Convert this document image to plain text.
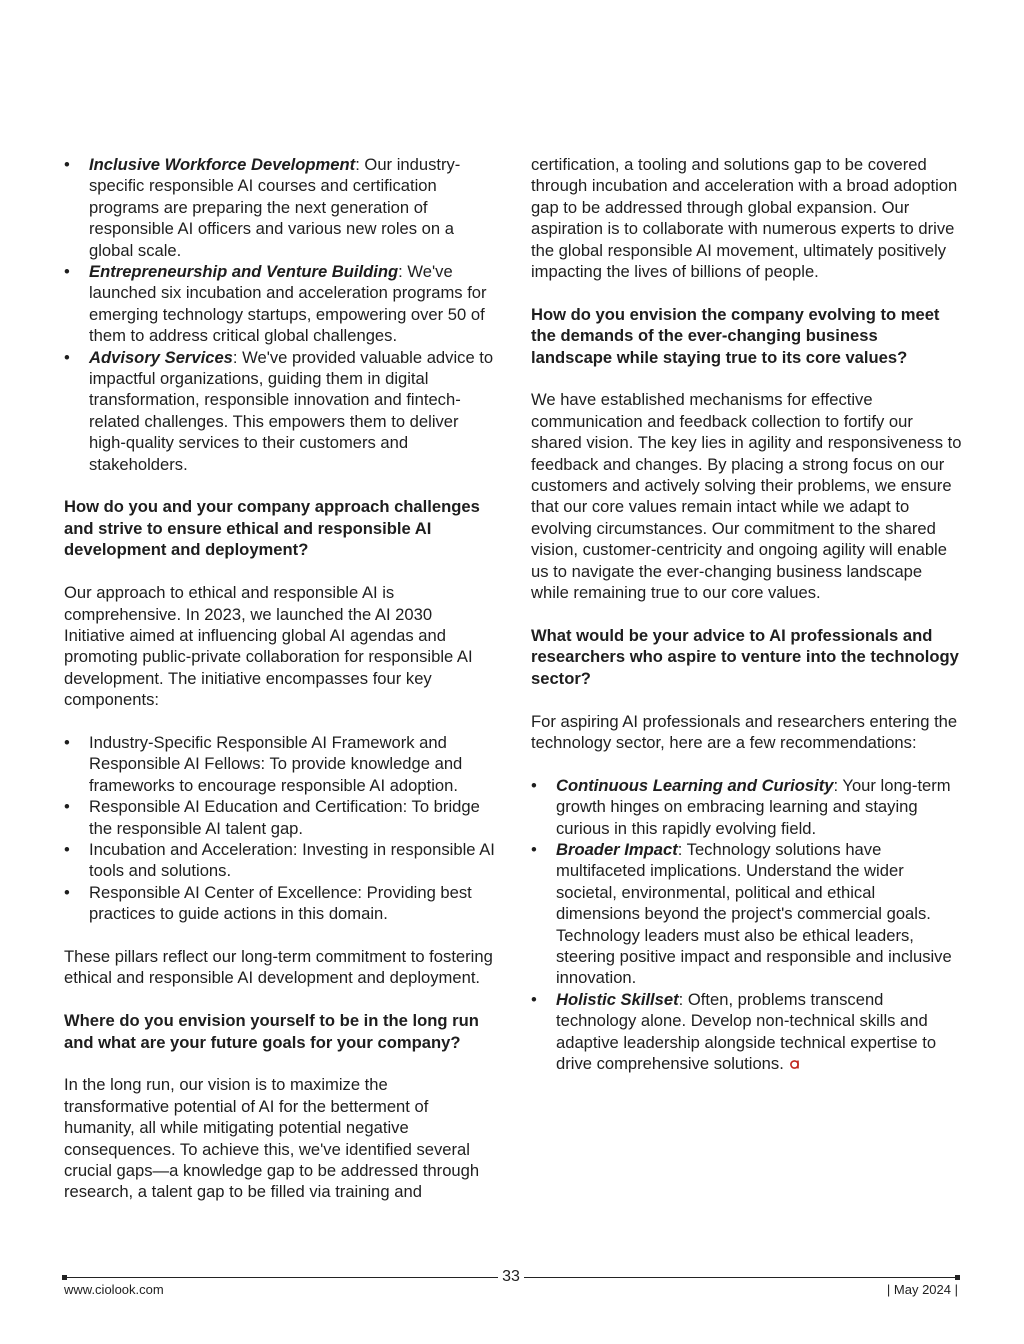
• Inclusive Workforce Development: Our industry-specific responsible AI courses and certification programs are preparing the next generation of responsible AI officers and various new roles on a global scale.
• Entrepreneurship and Venture Building: We've launched six incubation and acceleration programs for emerging technology startups, empowering over 50 of them to address critical global challenges.
• Advisory Services: We've provided valuable advice to impactful organizations, guiding them in digital transformation, responsible innovation and fintech-related challenges. This empowers them to deliver high-quality services to their customers and stakeholders.

How do you and your company approach challenges and strive to ensure ethical and responsible AI development and deployment?

Our approach to ethical and responsible AI is comprehensive. In 2023, we launched the AI 2030 Initiative aimed at influencing global AI agendas and promoting public-private collaboration for responsible AI development. The initiative encompasses four key components:

• Industry-Specific Responsible AI Framework and Responsible AI Fellows: To provide knowledge and frameworks to encourage responsible AI adoption.
• Responsible AI Education and Certification: To bridge the responsible AI talent gap.
• Incubation and Acceleration: Investing in responsible AI tools and solutions.
• Responsible AI Center of Excellence: Providing best practices to guide actions in this domain.

These pillars reflect our long-term commitment to fostering ethical and responsible AI development and deployment.

Where do you envision yourself to be in the long run and what are your future goals for your company?

In the long run, our vision is to maximize the transformative potential of AI for the betterment of humanity, all while mitigating potential negative consequences. To achieve this, we've identified several crucial gaps—a knowledge gap to be addressed through research, a talent gap to be filled via training and

certification, a tooling and solutions gap to be covered through incubation and acceleration with a broad adoption gap to be addressed through global expansion. Our aspiration is to collaborate with numerous experts to drive the global responsible AI movement, ultimately positively impacting the lives of billions of people.

How do you envision the company evolving to meet the demands of the ever-changing business landscape while staying true to its core values?

We have established mechanisms for effective communication and feedback collection to fortify our shared vision. The key lies in agility and responsiveness to feedback and changes. By placing a strong focus on our customers and actively solving their problems, we ensure that our core values remain intact while we adapt to evolving circumstances. Our commitment to the shared vision, customer-centricity and ongoing agility will enable us to navigate the ever-changing business landscape while remaining true to our core values.

What would be your advice to AI professionals and researchers who aspire to venture into the technology sector?

For aspiring AI professionals and researchers entering the technology sector, here are a few recommendations:

• Continuous Learning and Curiosity: Your long-term growth hinges on embracing learning and staying curious in this rapidly evolving field.
• Broader Impact: Technology solutions have multifaceted implications. Understand the wider societal, environmental, political and ethical dimensions beyond the project's commercial goals. Technology leaders must also be ethical leaders, steering positive impact and responsible and inclusive innovation.
• Holistic Skillset: Often, problems transcend technology alone. Develop non-technical skills and adaptive leadership alongside technical expertise to drive comprehensive solutions.
33
www.ciolook.com	| May 2024 |
